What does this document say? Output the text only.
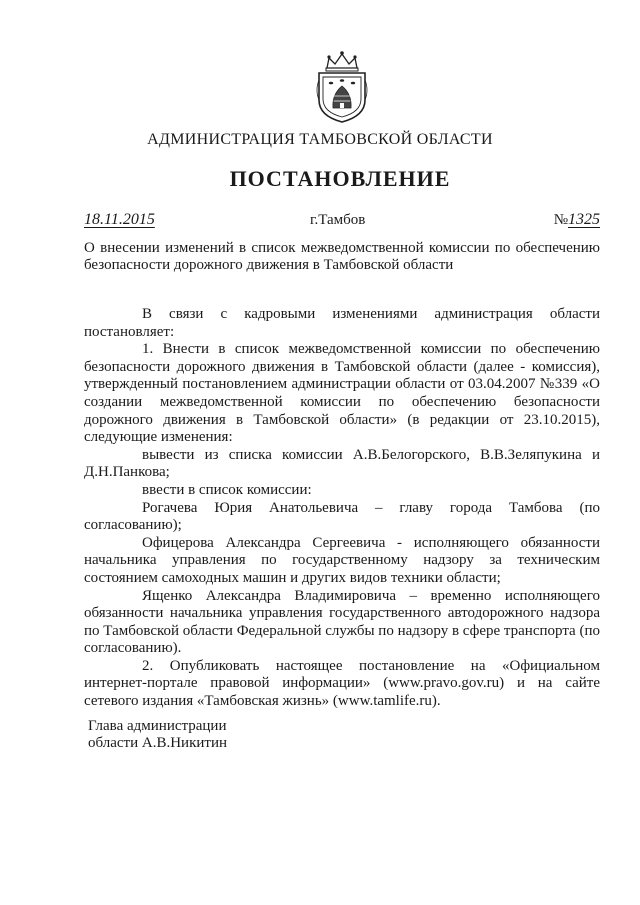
АДМИНИСТРАЦИЯ ТАМБОВСКОЙ ОБЛАСТИ
ПОСТАНОВЛЕНИЕ
18.11.2015	г.Тамбов	№1325
О внесении изменений в список межведомственной комиссии по обеспечению безопасности дорожного движения в Тамбовской области

В связи с кадровыми изменениями администрация области постановляет:

1. Внести в список межведомственной комиссии по обеспечению безопасности дорожного движения в Тамбовской области (далее - комиссия), утвержденный постановлением администрации области от 03.04.2007 №339 «О создании межведомственной комиссии по обеспечению безопасности дорожного движения в Тамбовской области» (в редакции от 23.10.2015), следующие изменения:

вывести из списка комиссии А.В.Белогорского, В.В.Зеляпукина и Д.Н.Панкова;

ввести в список комиссии:

Рогачева Юрия Анатольевича – главу города Тамбова (по согласованию);

Офицерова Александра Сергеевича - исполняющего обязанности начальника управления по государственному надзору за техническим состоянием самоходных машин и других видов техники области;

Ященко Александра Владимировича – временно исполняющего обязанности начальника управления государственного автодорожного надзора по Тамбовской области Федеральной службы по надзору в сфере транспорта (по согласованию).

2. Опубликовать настоящее постановление на «Официальном интернет-портале правовой информации» (www.pravo.gov.ru) и на сайте сетевого издания «Тамбовская жизнь» (www.tamlife.ru).

Глава администрации
области А.В.Никитин
